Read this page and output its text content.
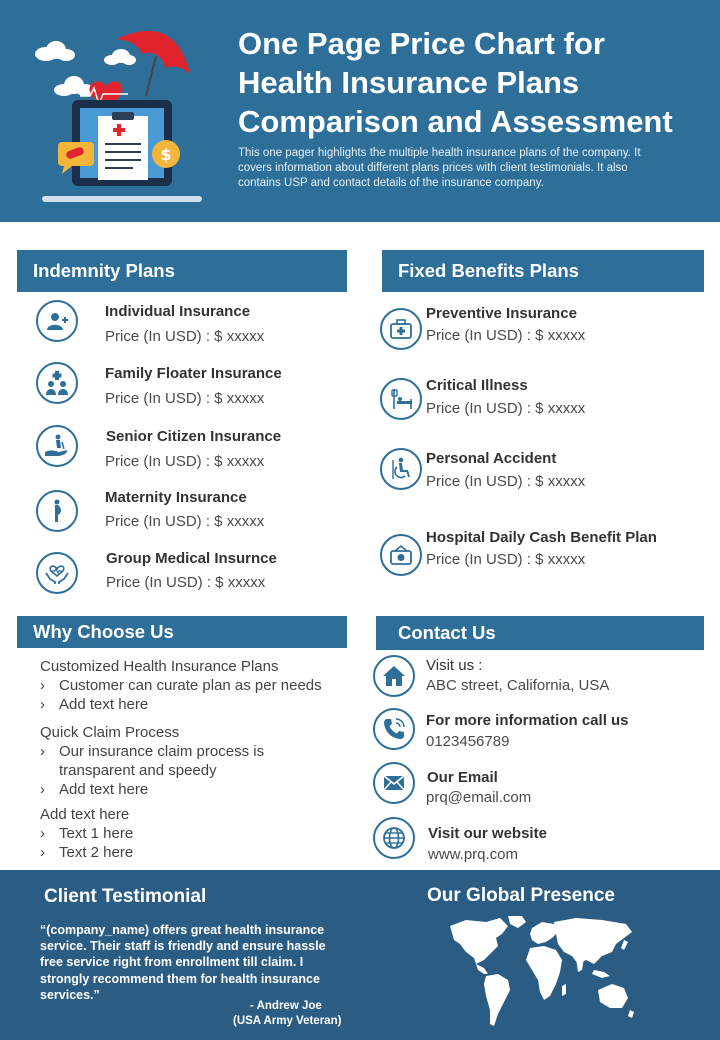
$
One Page Price Chart for
Health Insurance Plans
Comparison and Assessment
This one pager highlights the multiple health insurance plans of the company. It covers information about different plans prices with client testimonials. It also contains USP and contact details of the insurance company.
Indemnity Plans
Individual Insurance
Price (In USD) : $ xxxxx
Family Floater Insurance
Price (In USD) : $ xxxxx
Senior Citizen Insurance
Price (In USD) : $ xxxxx
Maternity Insurance
Price (In USD) : $ xxxxx
Group Medical Insurnce
Price (In USD) : $ xxxxx
Fixed Benefits Plans
Preventive Insurance
Price (In USD) : $ xxxxx
Critical Illness
Price (In USD) : $ xxxxx
Personal Accident
Price (In USD) : $ xxxxx
Hospital Daily Cash Benefit Plan
Price (In USD) : $ xxxxx
Why Choose Us
Customized Health Insurance Plans
› Customer can curate plan as per needs
› Add text here
Quick Claim Process
› Our insurance claim process is transparent and speedy
› Add text here
Add text here
› Text 1 here
› Text 2 here
Contact Us
Visit us :
ABC street, California, USA
For more information call us
0123456789
Our Email
prq@email.com
Visit our website
www.prq.com
Client Testimonial
“(company_name) offers great health insurance service. Their staff is friendly and ensure hassle free service right from enrollment till claim. I strongly recommend them for health insurance services.”
- Andrew Joe
(USA Army Veteran)
Our Global Presence
